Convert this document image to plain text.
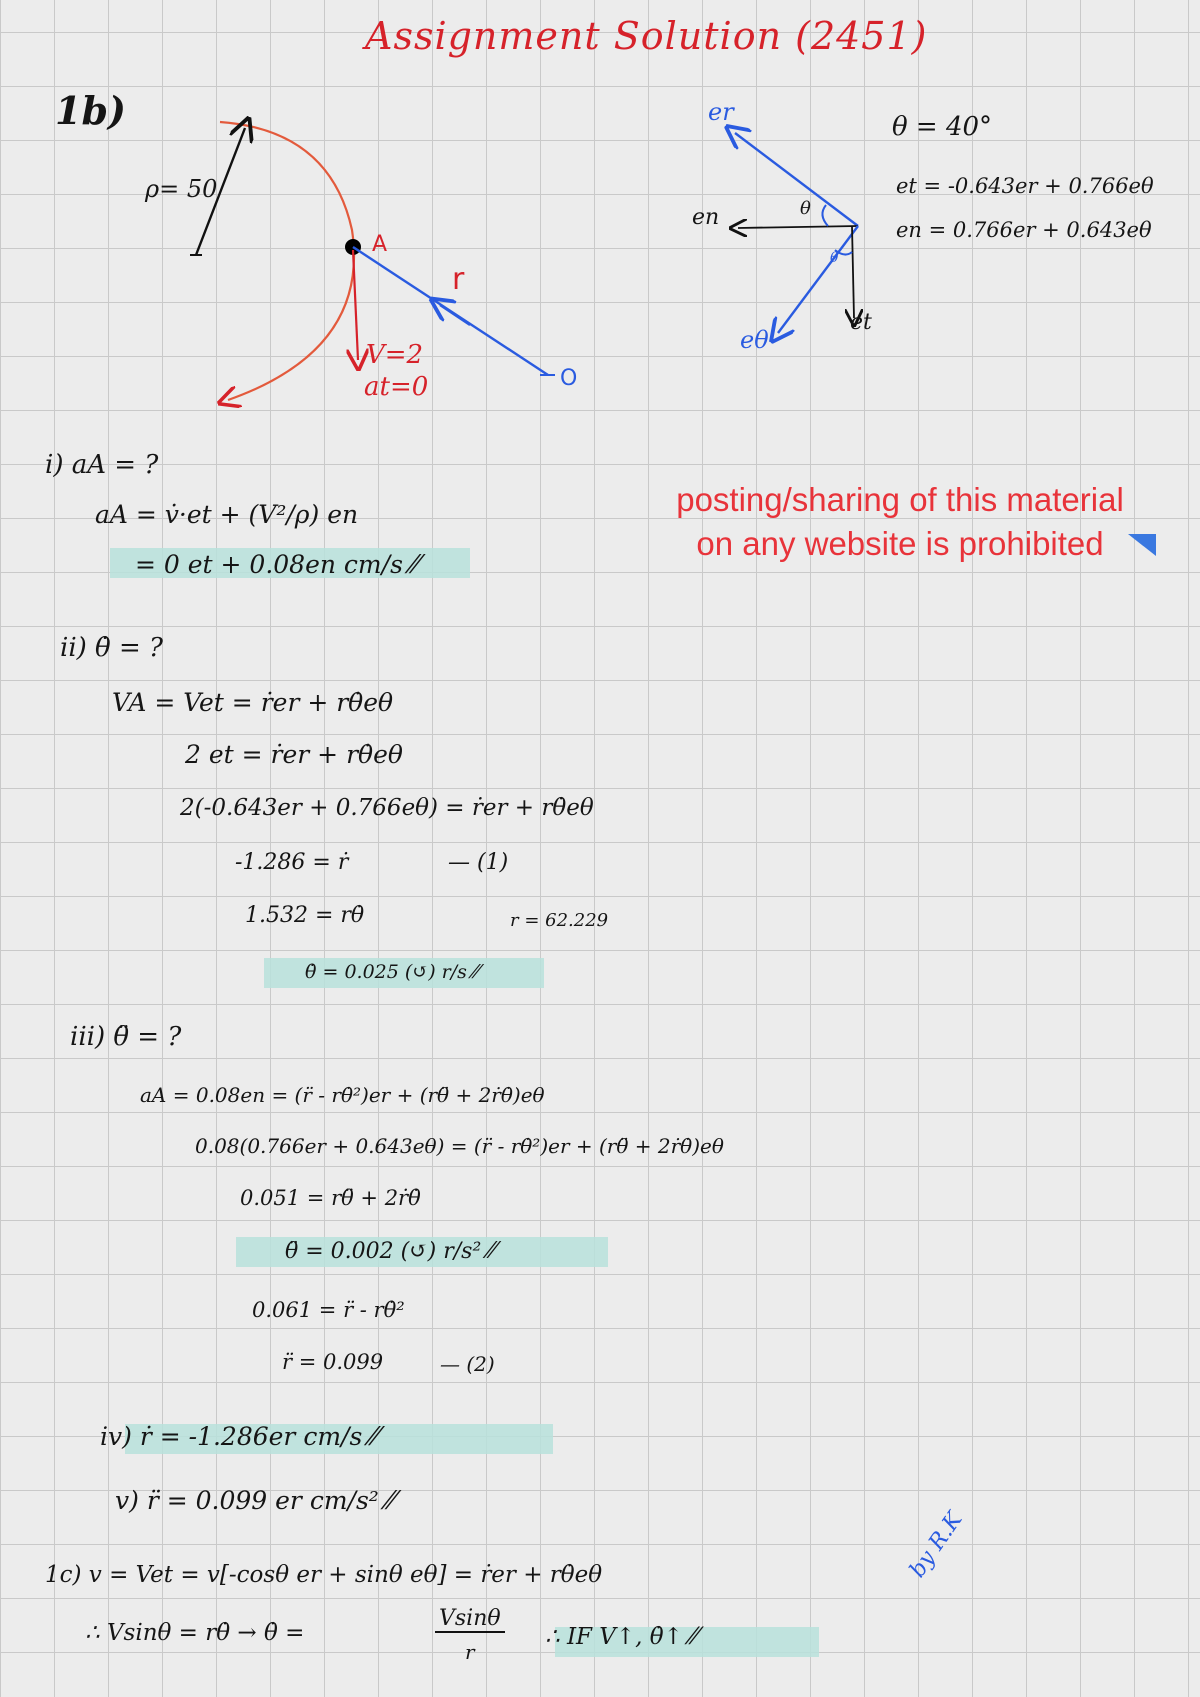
Assignment Solution (2451)
1b)
ρ= 50
A
r
V=2
at=0	O
er
en
et
eθ
θ
θ
θ = 40°
et = -0.643er + 0.766eθ
en = 0.766er + 0.643eθ
posting/sharing of this material
on any website is prohibited
i) aA = ?
aA = v̇·et + (V²/ρ) en
= 0 et + 0.08en cm/s ⁄⁄
ii) θ̇ = ?
VA = Vet = ṙer + rθ̇eθ
2 et = ṙer + rθ̇eθ
2(-0.643er + 0.766eθ) = ṙer + rθ̇eθ
-1.286 = ṙ	— (1)
1.532 = rθ̇	r = 62.229
θ̇ = 0.025 (↺) r/s ⁄⁄
iii) θ̈ = ?
aA = 0.08en = (r̈ - rθ̇²)er + (rθ̈ + 2ṙθ̇)eθ
0.08(0.766er + 0.643eθ) = (r̈ - rθ̇²)er + (rθ̈ + 2ṙθ̇)eθ
0.051 = rθ̈ + 2ṙθ̇
θ̈ = 0.002 (↺) r/s² ⁄⁄
0.061 = r̈ - rθ̇²
r̈ = 0.099	— (2)
iv) ṙ = -1.286er cm/s ⁄⁄
v) r̈ = 0.099 er cm/s² ⁄⁄
1c) v = Vet = v[-cosθ er + sinθ eθ] = ṙer + rθ̇eθ
∴ Vsinθ = rθ̇ → θ̇ =
Vsinθ
r
∴ IF V↑, θ̇↑ ⁄⁄
by R.K
